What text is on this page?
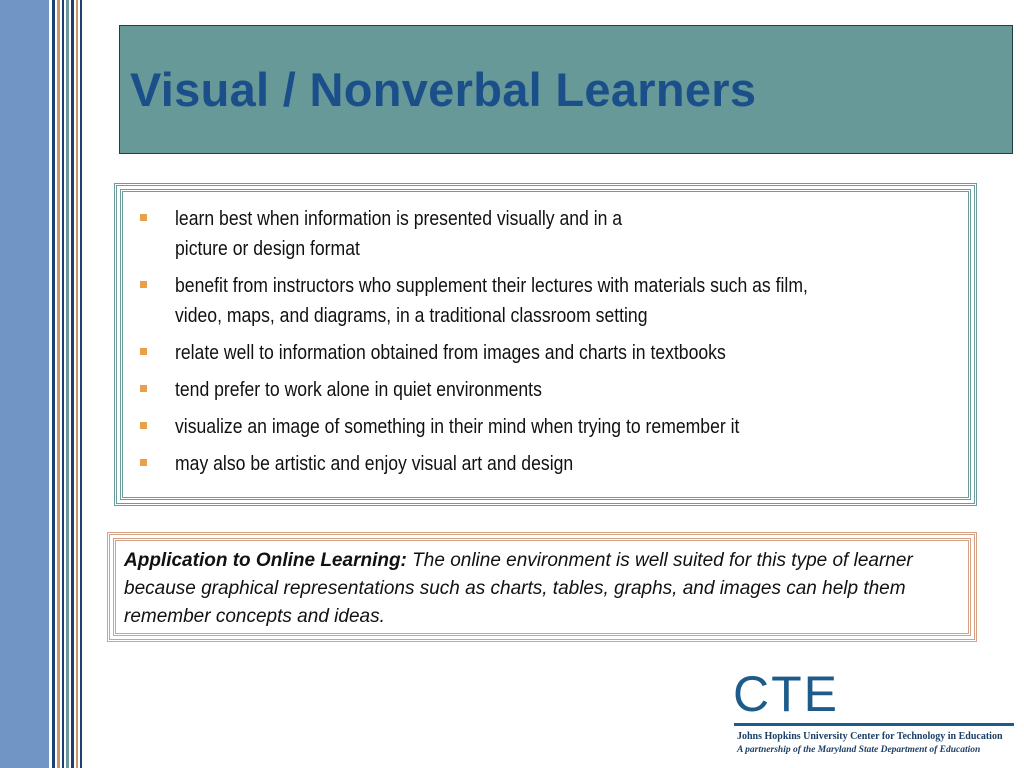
Visual / Nonverbal Learners
learn best when information is presented visually and in a
picture or design format
benefit from instructors who supplement their lectures with materials such as film,
video, maps, and diagrams, in a traditional classroom setting
relate well to information obtained from images and charts in textbooks
tend prefer to work alone in quiet environments
visualize an image of something in their mind when trying to remember it
may also be artistic and enjoy visual art and design

Application to Online Learning: The online environment is well suited for this type of learner because graphical representations such as charts, tables, graphs, and images can help them remember concepts and ideas.

CTE
Johns Hopkins University Center for Technology in Education
A partnership of the Maryland State Department of Education
